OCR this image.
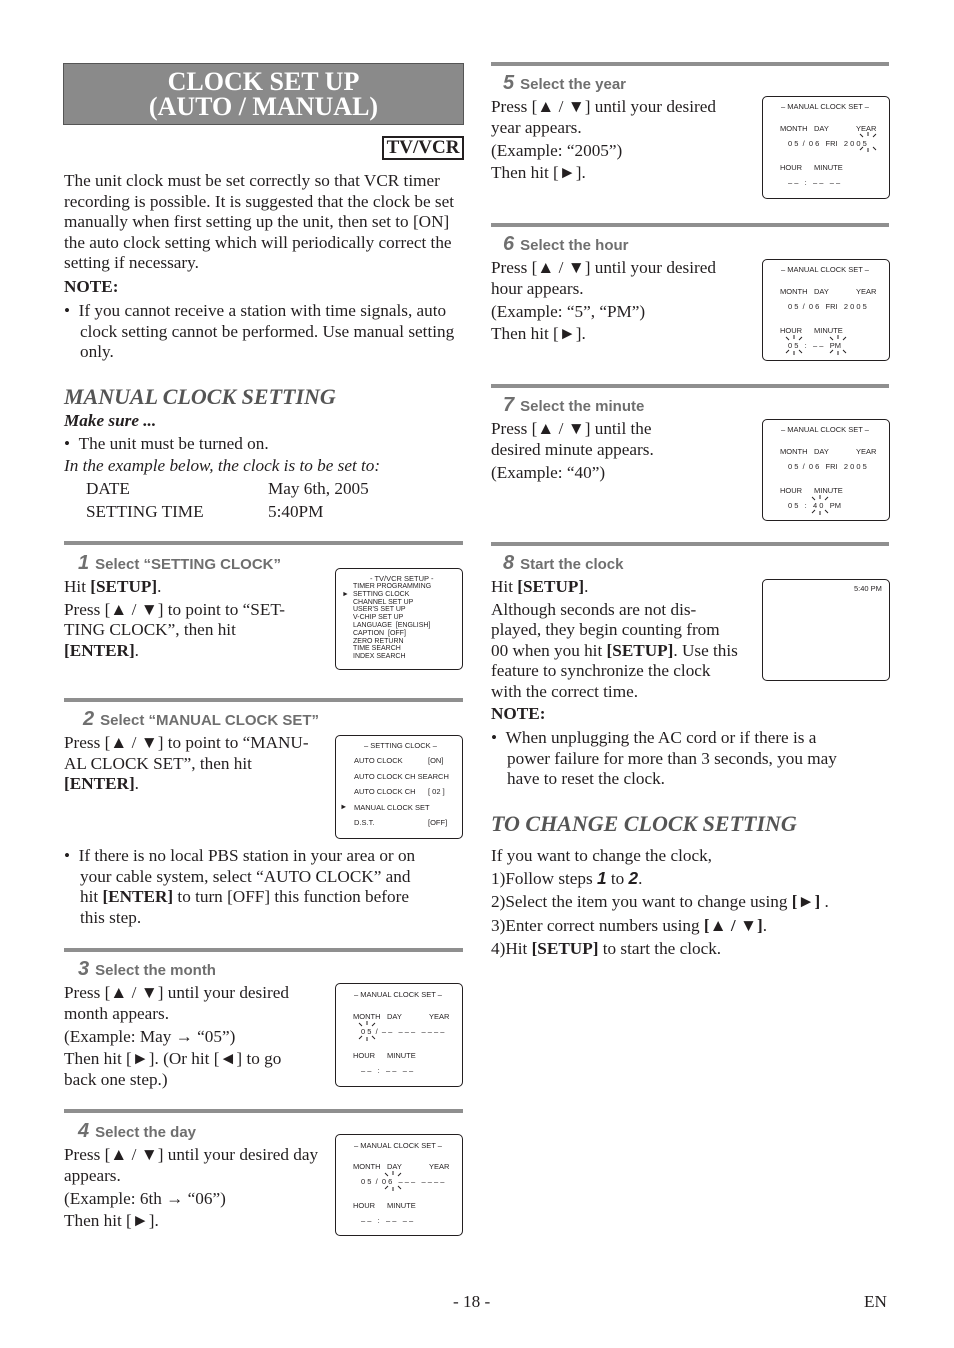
CLOCK SET UP
(AUTO / MANUAL)
TV/VCR
The unit clock must be set correctly so that VCR timer recording is possible. It is suggested that the clock be set manually when first setting up the unit, then set to [ON] the auto clock setting which will periodically correct the setting if necessary.
NOTE:
•  If you cannot receive a station with time signals, auto clock setting cannot be performed. Use manual setting only.
MANUAL CLOCK SETTING
Make sure ...
•  The unit must be turned on.
In the example below, the clock is to be set to:
DATE	May 6th, 2005
SETTING TIME	5:40PM
1 Select “SETTING CLOCK”
Hit [SETUP].
Press [▲ / ▼] to point to “SET-
TING CLOCK”, then hit
[ENTER].
- TV/VCR SETUP -
►
TIMER PROGRAMMING
SETTING CLOCK
CHANNEL SET UP
USER'S SET UP
V-CHIP SET UP
LANGUAGE  [ENGLISH]
CAPTION  [OFF]
ZERO RETURN
TIME SEARCH
INDEX SEARCH
2 Select “MANUAL CLOCK SET”
Press [▲ / ▼] to point to “MANU-
AL CLOCK SET”, then hit
[ENTER].
– SETTING CLOCK –
AUTO CLOCK	[ON]
AUTO CLOCK CH SEARCH
AUTO CLOCK CH [ 02 ]
► MANUAL CLOCK SET
D.S.T.	[OFF]
•  If there is no local PBS station in your area or on
your cable system, select “AUTO CLOCK” and
hit [ENTER] to turn [OFF] this function before
this step.
3 Select the month
Press [▲ / ▼] until your desired
month appears.
(Example: May → “05”)
Then hit [►]. (Or hit [◄] to go
back one step.)
– MANUAL CLOCK SET –
MONTH DAY	YEAR
0 5  /  – –   – – –   – – – –
HOUR MINUTE
– –   :   – –   – –
4 Select the day
Press [▲ / ▼] until your desired day
appears.
(Example: 6th → “06”)
Then hit [►].
– MANUAL CLOCK SET –
MONTH DAY	YEAR
0 5  /  0 6   – – –   – – – –
HOUR MINUTE
– –   :   – –   – –
5 Select the year
Press [▲ / ▼] until your desired
year appears.
(Example: “2005”)
Then hit [►].
– MANUAL CLOCK SET –
MONTH DAY	YEAR
0 5  /  0 6   FRI   2 0 0 5
HOUR MINUTE
– –   :   – –   – –
6 Select the hour
Press [▲ / ▼] until your desired
hour appears.
(Example: “5”, “PM”)
Then hit [►].
– MANUAL CLOCK SET –
MONTH DAY	YEAR
0 5  /  0 6   FRI   2 0 0 5
HOUR MINUTE
0 5   :   – –   PM
7 Select the minute
Press [▲ / ▼] until the
desired minute appears.
(Example: “40”)
– MANUAL CLOCK SET –
MONTH DAY	YEAR
0 5  /  0 6   FRI   2 0 0 5
HOUR MINUTE
0 5   :   4 0   PM
8 Start the clock
Hit [SETUP].
Although seconds are not dis-
played, they begin counting from
00 when you hit [SETUP]. Use this
feature to synchronize the clock
with the correct time.
NOTE:
•  When unplugging the AC cord or if there is a
power failure for more than 3 seconds, you may
have to reset the clock.
5:40 PM
TO CHANGE CLOCK SETTING
If you want to change the clock,
1)Follow steps 1 to 2.
2)Select the item you want to change using [►] .
3)Enter correct numbers using [▲ / ▼].
4)Hit [SETUP] to start the clock.
- 18 -	EN
